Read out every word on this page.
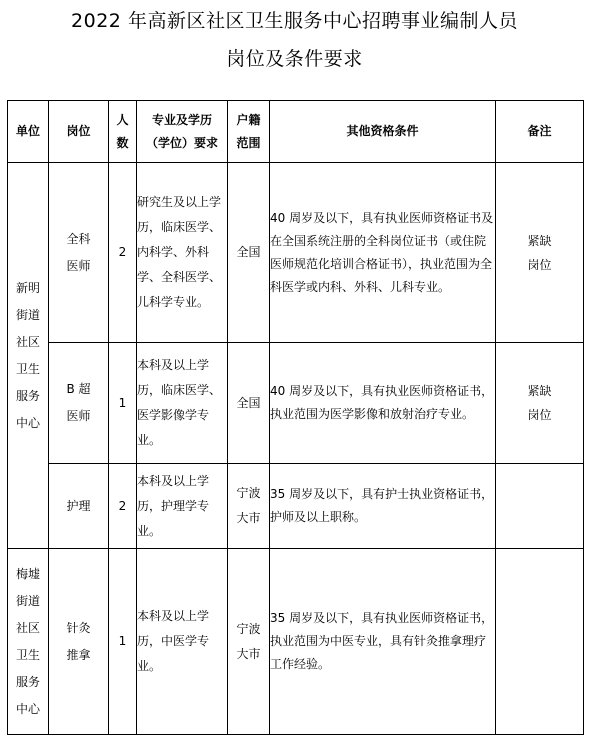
2022 年高新区社区卫生服务中心招聘事业编制人员
岗位及条件要求
单位	岗位	人数	专业及学历（学位）要求	户籍范围	其他资格条件	备注

新明街道社区卫生服务中心	全科医师	2	研究生及以上学历，临床医学、内科学、外科学、全科医学、儿科学专业。	全国	40 周岁及以下，具有执业医师资格证书及在全国系统注册的全科岗位证书（或住院医师规范化培训合格证书），执业范围为全科医学或内科、外科、儿科专业。	紧缺岗位

	B 超医师	1	本科及以上学历，临床医学、医学影像学专业。	全国	40 周岁及以下，具有执业医师资格证书，执业范围为医学影像和放射治疗专业。	紧缺岗位

	护理	2	本科及以上学历，护理学专业。	宁波大市	35 周岁及以下，具有护士执业资格证书，护师及以上职称。	

梅墟街道社区卫生服务中心	针灸推拿	1	本科及以上学历，中医学专业。	宁波大市	35 周岁及以下，具有执业医师资格证书，执业范围为中医专业，具有针灸推拿理疗工作经验。	
